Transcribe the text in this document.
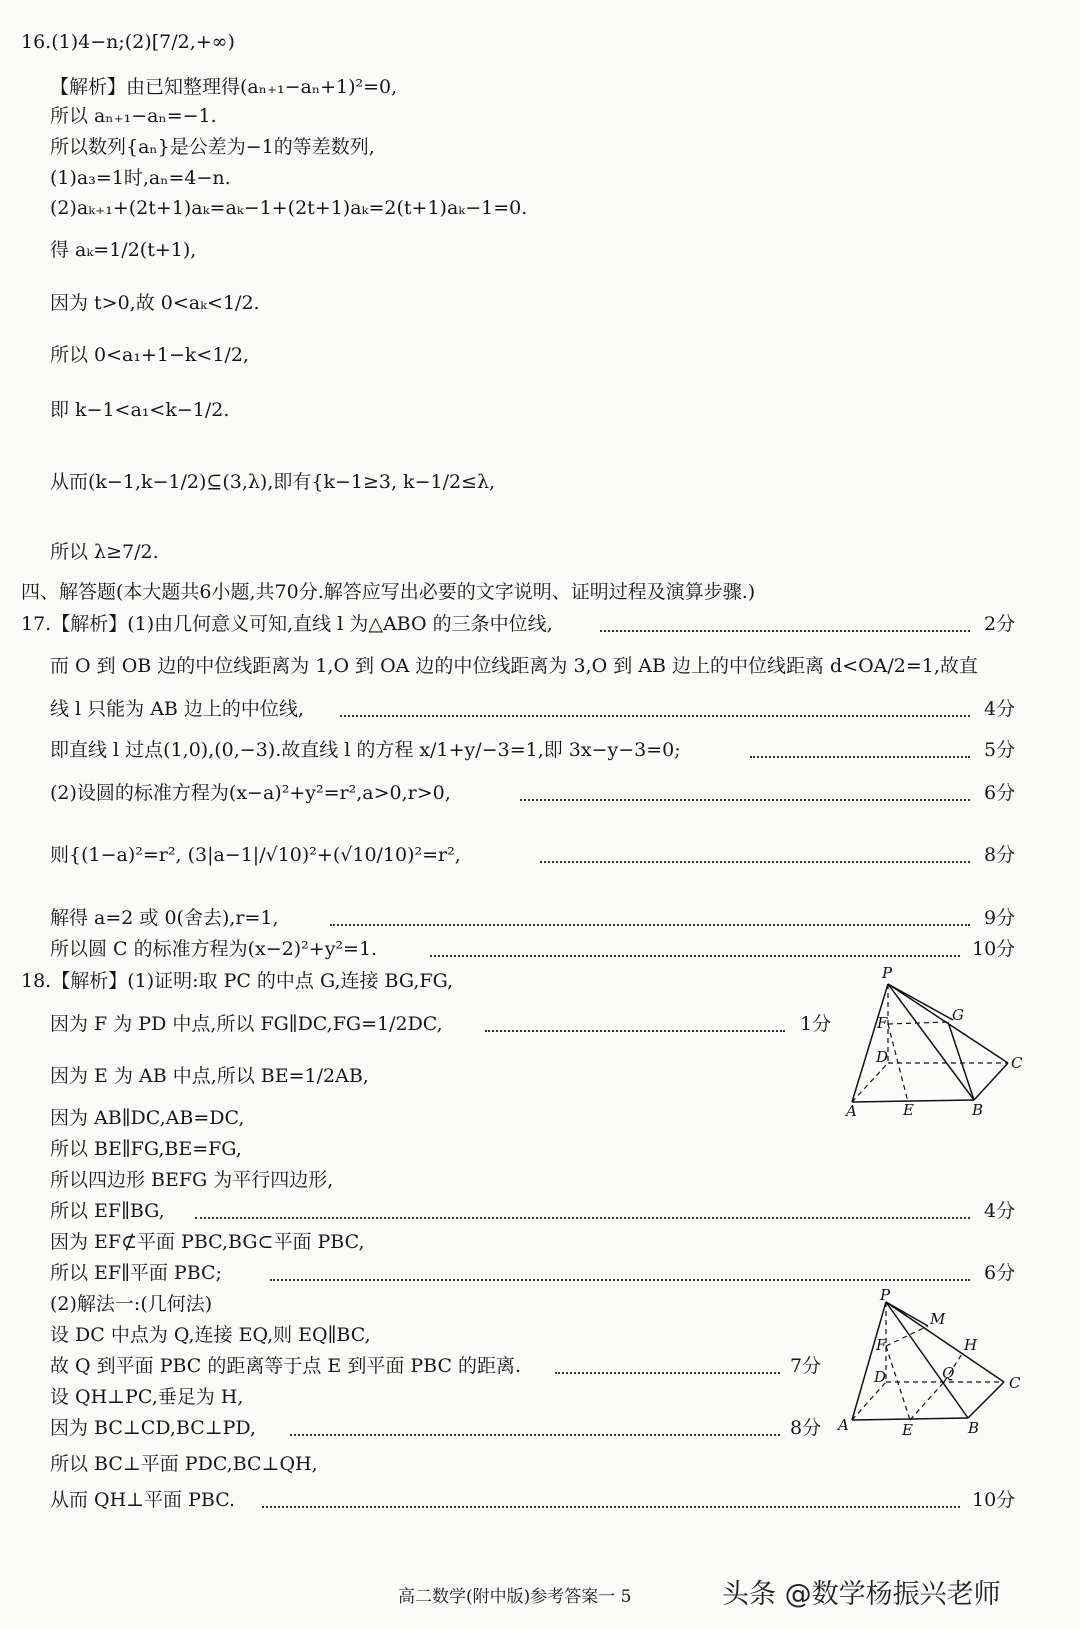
16.(1)4−n;(2)[7/2,+∞)
【解析】由已知整理得(aₙ₊₁−aₙ+1)²=0,
所以 aₙ₊₁−aₙ=−1.
所以数列{aₙ}是公差为−1的等差数列,
(1)a₃=1时,aₙ=4−n.
(2)aₖ₊₁+(2t+1)aₖ=aₖ−1+(2t+1)aₖ=2(t+1)aₖ−1=0.
得 aₖ=1/2(t+1),
因为 t>0,故 0<aₖ<1/2.
所以 0<a₁+1−k<1/2,
即 k−1<a₁<k−1/2.
从而(k−1,k−1/2)⊆(3,λ),即有{k−1≥3, k−1/2≤λ,
所以 λ≥7/2.
四、解答题(本大题共6小题,共70分.解答应写出必要的文字说明、证明过程及演算步骤.)
17.【解析】(1)由几何意义可知,直线 l 为△ABO 的三条中位线,	2分
而 O 到 OB 边的中位线距离为 1,O 到 OA 边的中位线距离为 3,O 到 AB 边上的中位线距离 d<OA/2=1,故直
线 l 只能为 AB 边上的中位线,	4分
即直线 l 过点(1,0),(0,−3).故直线 l 的方程 x/1+y/−3=1,即 3x−y−3=0;	5分
(2)设圆的标准方程为(x−a)²+y²=r²,a>0,r>0,	6分
则{(1−a)²=r², (3|a−1|/√10)²+(√10/10)²=r²,	8分
解得 a=2 或 0(舍去),r=1,	9分
所以圆 C 的标准方程为(x−2)²+y²=1.	10分
18.【解析】(1)证明:取 PC 的中点 G,连接 BG,FG,
因为 F 为 PD 中点,所以 FG∥DC,FG=1/2DC,	1分
因为 E 为 AB 中点,所以 BE=1/2AB,
因为 AB∥DC,AB=DC,
所以 BE∥FG,BE=FG,
所以四边形 BEFG 为平行四边形,
所以 EF∥BG,	4分
因为 EF⊄平面 PBC,BG⊂平面 PBC,
所以 EF∥平面 PBC;	6分
(2)解法一:(几何法)
设 DC 中点为 Q,连接 EQ,则 EQ∥BC,
故 Q 到平面 PBC 的距离等于点 E 到平面 PBC 的距离.	7分
设 QH⊥PC,垂足为 H,
因为 BC⊥CD,BC⊥PD,	8分
所以 BC⊥平面 PDC,BC⊥QH,
从而 QH⊥平面 PBC.	10分
P
G
F
D	C
A	E	B
P
M
H
F
Q
D	C
A	E	B
高二数学(附中版)参考答案一 5	头条 @数学杨振兴老师
